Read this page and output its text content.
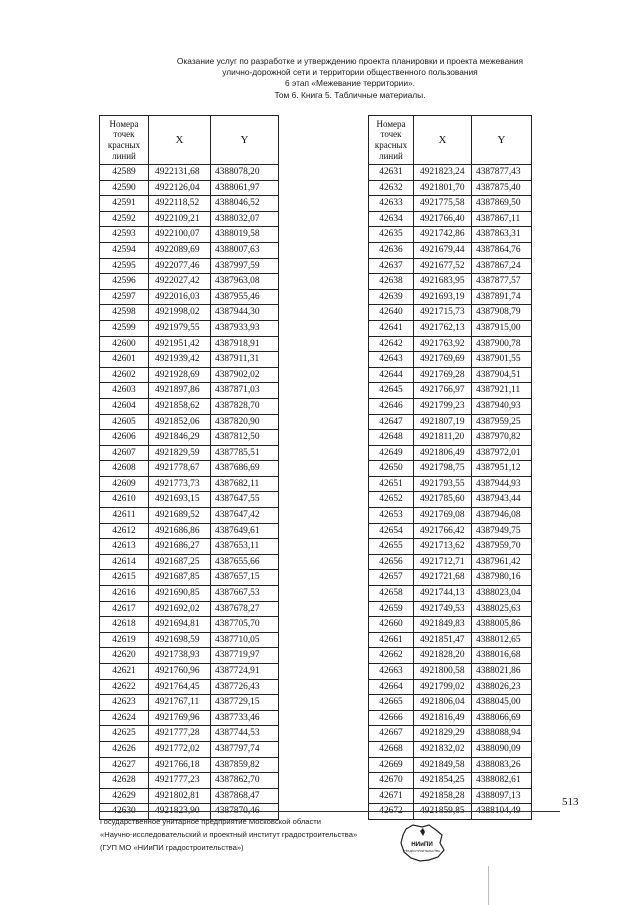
Оказание услуг по разработке и утверждению проекта планировки и проекта межевания
улично-дорожной сети и территории общественного пользования
6 этап «Межевание территории».
Том 6. Книга 5. Табличные материалы.
Номера
точек
красных
линий	X	Y
42589	4922131,68	4388078,20
42590	4922126,04	4388061,97
42591	4922118,52	4388046,52
42592	4922109,21	4388032,07
42593	4922100,07	4388019,58
42594	4922089,69	4388007,63
42595	4922077,46	4387997,59
42596	4922027,42	4387963,08
42597	4922016,03	4387955,46
42598	4921998,02	4387944,30
42599	4921979,55	4387933,93
42600	4921951,42	4387918,91
42601	4921939,42	4387911,31
42602	4921928,69	4387902,02
42603	4921897,86	4387871,03
42604	4921858,62	4387828,70
42605	4921852,06	4387820,90
42606	4921846,29	4387812,50
42607	4921829,59	4387785,51
42608	4921778,67	4387686,69
42609	4921773,73	4387682,11
42610	4921693,15	4387647,55
42611	4921689,52	4387647,42
42612	4921686,86	4387649,61
42613	4921686,27	4387653,11
42614	4921687,25	4387655,66
42615	4921687,85	4387657,15
42616	4921690,85	4387667,53
42617	4921692,02	4387678,27
42618	4921694,81	4387705,70
42619	4921698,59	4387710,05
42620	4921738,93	4387719,97
42621	4921760,96	4387724,91
42622	4921764,45	4387726,43
42623	4921767,11	4387729,15
42624	4921769,96	4387733,46
42625	4921777,28	4387744,53
42626	4921772,02	4387797,74
42627	4921766,18	4387859,82
42628	4921777,23	4387862,70
42629	4921802,81	4387868,47
42630	4921823,90	4387870,46
Номера
точек
красных
линий	X	Y
42631	4921823,24	4387877,43
42632	4921801,70	4387875,40
42633	4921775,58	4387869,50
42634	4921766,40	4387867,11
42635	4921742,86	4387863,31
42636	4921679,44	4387864,76
42637	4921677,52	4387867,24
42638	4921683,95	4387877,57
42639	4921693,19	4387891,74
42640	4921715,73	4387908,79
42641	4921762,13	4387915,00
42642	4921763,92	4387900,78
42643	4921769,69	4387901,55
42644	4921769,28	4387904,51
42645	4921766,97	4387921,11
42646	4921799,23	4387940,93
42647	4921807,19	4387959,25
42648	4921811,20	4387970,82
42649	4921806,49	4387972,01
42650	4921798,75	4387951,12
42651	4921793,55	4387944,93
42652	4921785,60	4387943,44
42653	4921769,08	4387946,08
42654	4921766,42	4387949,75
42655	4921713,62	4387959,70
42656	4921712,71	4387961,42
42657	4921721,68	4387980,16
42658	4921744,13	4388023,04
42659	4921749,53	4388025,63
42660	4921849,83	4388005,86
42661	4921851,47	4388012,65
42662	4921828,20	4388016,68
42663	4921800,58	4388021,86
42664	4921799,02	4388026,23
42665	4921806,04	4388045,00
42666	4921816,49	4388066,69
42667	4921829,29	4388088,94
42668	4921832,02	4388090,09
42669	4921849,58	4388083,26
42670	4921854,25	4388082,61
42671	4921858,28	4388097,13
42672	4921859,85	4388104,49
513
Государственное унитарное предприятие Московской области
«Научно-исследовательский и проектный институт градостроительства»
(ГУП МО «НИиПИ градостроительства»)	НИиПИ
ГРАДОСТРОИТЕЛЬСТВА
